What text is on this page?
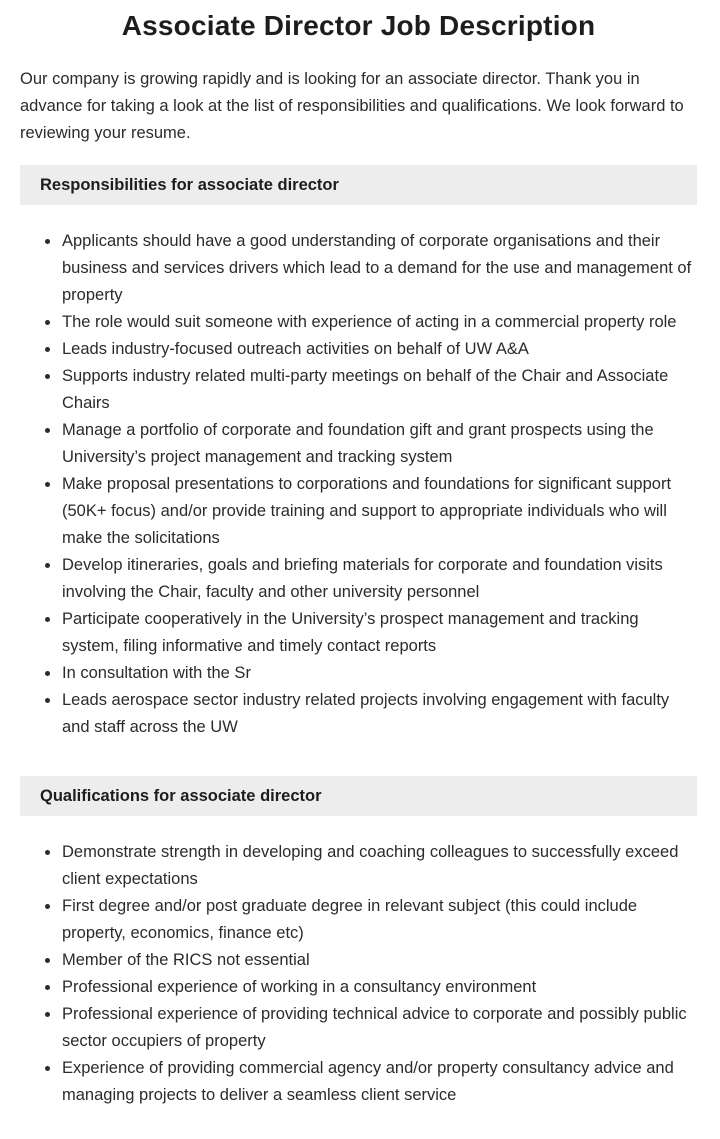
Associate Director Job Description

Our company is growing rapidly and is looking for an associate director. Thank you in advance for taking a look at the list of responsibilities and qualifications. We look forward to reviewing your resume.

Responsibilities for associate director
• Applicants should have a good understanding of corporate organisations and their business and services drivers which lead to a demand for the use and management of property
• The role would suit someone with experience of acting in a commercial property role
• Leads industry-focused outreach activities on behalf of UW A&A
• Supports industry related multi-party meetings on behalf of the Chair and Associate Chairs
• Manage a portfolio of corporate and foundation gift and grant prospects using the University’s project management and tracking system
• Make proposal presentations to corporations and foundations for significant support (50K+ focus) and/or provide training and support to appropriate individuals who will make the solicitations
• Develop itineraries, goals and briefing materials for corporate and foundation visits involving the Chair, faculty and other university personnel
• Participate cooperatively in the University’s prospect management and tracking system, filing informative and timely contact reports
• In consultation with the Sr
• Leads aerospace sector industry related projects involving engagement with faculty and staff across the UW
Qualifications for associate director
• Demonstrate strength in developing and coaching colleagues to successfully exceed client expectations
• First degree and/or post graduate degree in relevant subject (this could include property, economics, finance etc)
• Member of the RICS not essential
• Professional experience of working in a consultancy environment
• Professional experience of providing technical advice to corporate and possibly public sector occupiers of property
• Experience of providing commercial agency and/or property consultancy advice and managing projects to deliver a seamless client service
